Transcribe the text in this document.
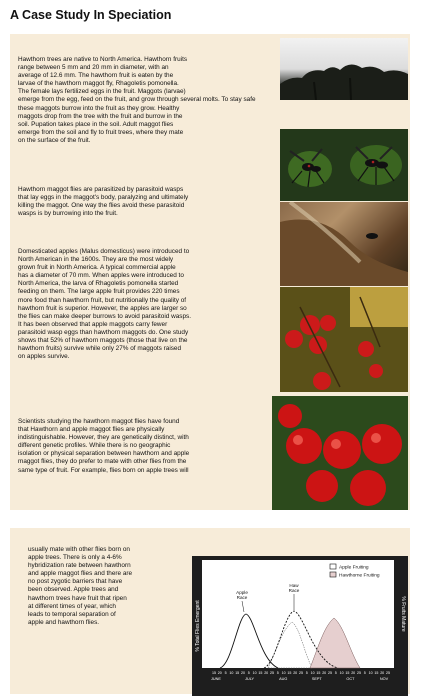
A Case Study In Speciation
Hawthorn trees are native to North America. Hawthorn fruits
range between 5 mm and 20 mm in diameter, with an
average of 12.6 mm. The hawthorn fruit is eaten by the
larvae of the hawthorn maggot fly, Rhagoletis pomonella.
The female lays fertilized eggs in the fruit. Maggots (larvae)
emerge from the egg, feed on the fruit, and grow through several molts. To stay safe
these maggots burrow into the fruit as they grow. Healthy
maggots drop from the tree with the fruit and burrow in the
soil. Pupation takes place in the soil. Adult maggot flies
emerge from the soil and fly to fruit trees, where they mate
on the surface of the fruit.
Hawthorn maggot flies are parasitized by parasitoid wasps
that lay eggs in the maggot's body, paralyzing and ultimately
killing the maggot. One way the flies avoid these parasitoid
wasps is by burrowing into the fruit.
Domesticated apples (Malus domesticus) were introduced to
North American in the 1600s. They are the most widely
grown fruit in North America. A typical commercial apple
has a diameter of 70 mm. When apples were introduced to
North America, the larva of Rhagoletis pomonella started
feeding on them. The large apple fruit provides 220 times
more food than hawthorn fruit, but nutritionally the quality of
hawthorn fruit is superior. However, the apples are larger so
the flies can make deeper burrows to avoid parasitoid wasps.
It has been observed that apple maggots carry fewer
parasitoid wasp eggs than hawthorn maggots do. One study
shows that 52% of hawthorn maggots (those that live on the
hawthorn fruits) survive while only 27% of maggots raised
on apples survive.
Scientists studying the hawthorn maggot flies have found
that Hawthorn and apple maggot flies are physically
indistinguishable. However, they are genetically distinct, with
different genetic profiles. While there is no geographic
isolation or physical separation between hawthorn and apple
maggot flies, they do prefer to mate with other flies from the
same type of fruit. For example, flies born on apple trees will
usually mate with other flies born on
apple trees. There is only a 4-6%
hybridization rate between hawthorn
and apple maggot flies and there are
no post zygotic barriers that have
been observed. Apple trees and
hawthorn trees have fruit that ripen
at different times of year, which
leads to temporal separation of
apple and hawthorn flies.	% Total Flies Emergent	% Fruits Mature
Apple Fruiting
Hawthorne Fruiting
Apple Race
Haw Race
15 20 5 10 15 20 5 10 15 20 25 5 10 15 20 25 5 10 15 20 25 5 10 15 20 25 5 10 15 20 25
JUNE	JULY	AUG	SEPT	OCT	NOV
